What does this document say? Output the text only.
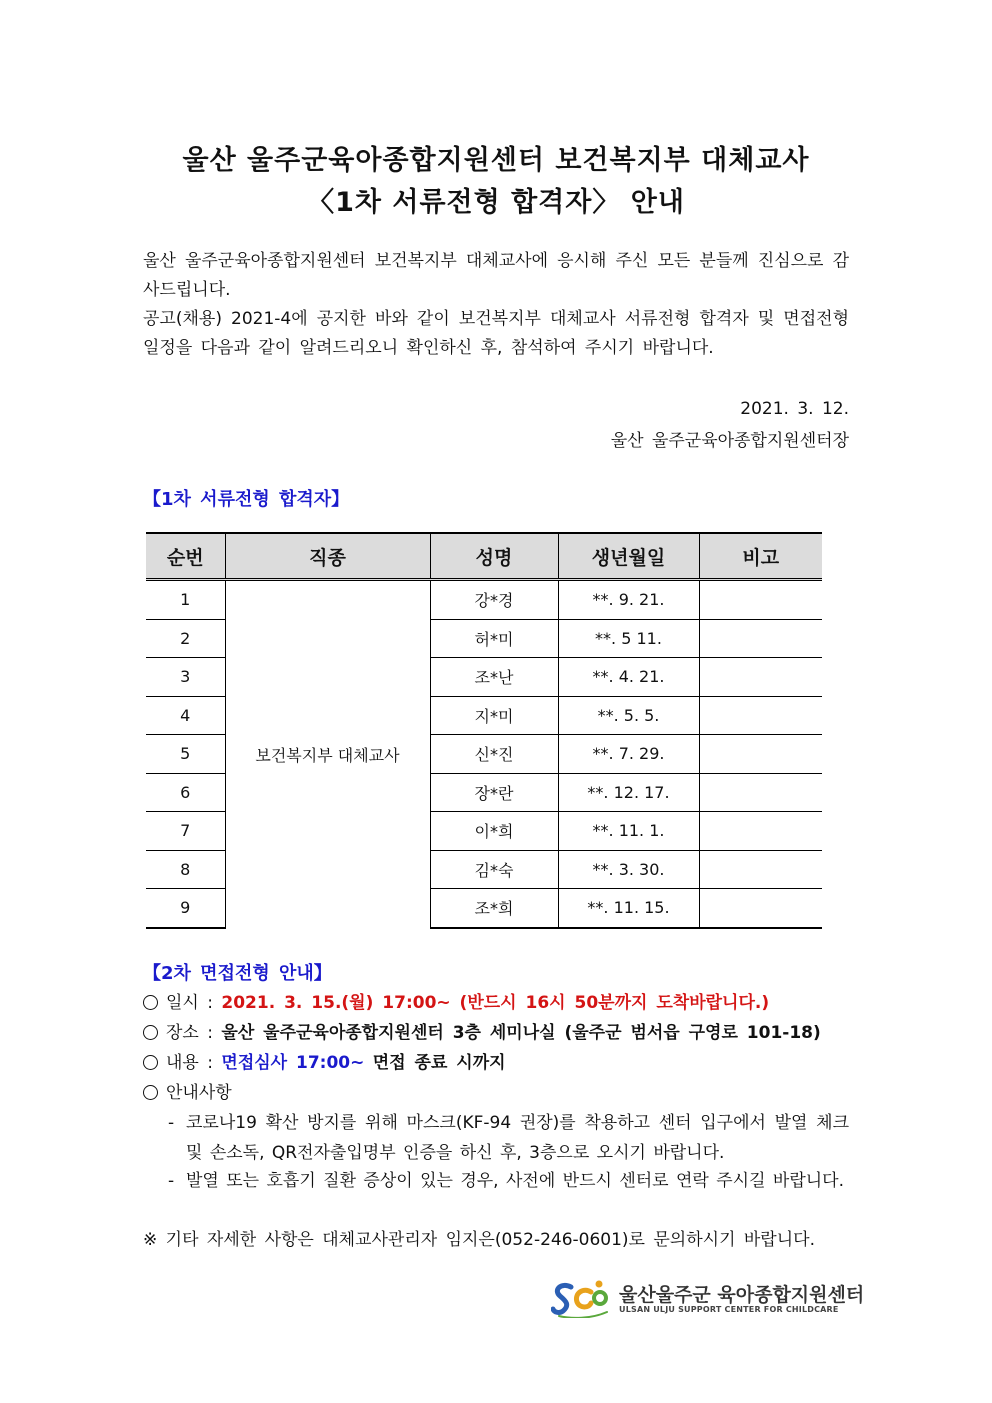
울산 울주군육아종합지원센터 보건복지부 대체교사
〈1차 서류전형 합격자〉 안내
울산 울주군육아종합지원센터 보건복지부 대체교사에 응시해 주신 모든 분들께 진심으로 감사드립니다.
공고(채용) 2021-4에 공지한 바와 같이 보건복지부 대체교사 서류전형 합격자 및 면접전형 일정을 다음과 같이 알려드리오니 확인하신 후, 참석하여 주시기 바랍니다.
2021. 3. 12.
울산 울주군육아종합지원센터장
【1차 서류전형 합격자】
순번	직종	성명	생년월일	비고
1	보건복지부 대체교사	강*경	**. 9. 21.	
2		허*미	**. 5 11.	
3		조*난	**. 4. 21.	
4		지*미	**. 5. 5.	
5		신*진	**. 7. 29.	
6		장*란	**. 12. 17.	
7		이*희	**. 11. 1.	
8		김*숙	**. 3. 30.	
9		조*희	**. 11. 15.	
【2차 면접전형 안내】
일시 : 2021. 3. 15.(월) 17:00~ (반드시 16시 50분까지 도착바랍니다.)
장소 : 울산 울주군육아종합지원센터 3층 세미나실 (울주군 범서읍 구영로 101-18)
내용 : 면접심사 17:00~ 면접 종료 시까지
안내사항
- 코로나19 확산 방지를 위해 마스크(KF-94 권장)를 착용하고 센터 입구에서 발열 체크 및 손소독, QR전자출입명부 인증을 하신 후, 3층으로 오시기 바랍니다.
- 발열 또는 호흡기 질환 증상이 있는 경우, 사전에 반드시 센터로 연락 주시길 바랍니다.
※ 기타 자세한 사항은 대체교사관리자 임지은(052-246-0601)로 문의하시기 바랍니다.
울산울주군 육아종합지원센터
ULSAN ULJU SUPPORT CENTER FOR CHILDCARE
